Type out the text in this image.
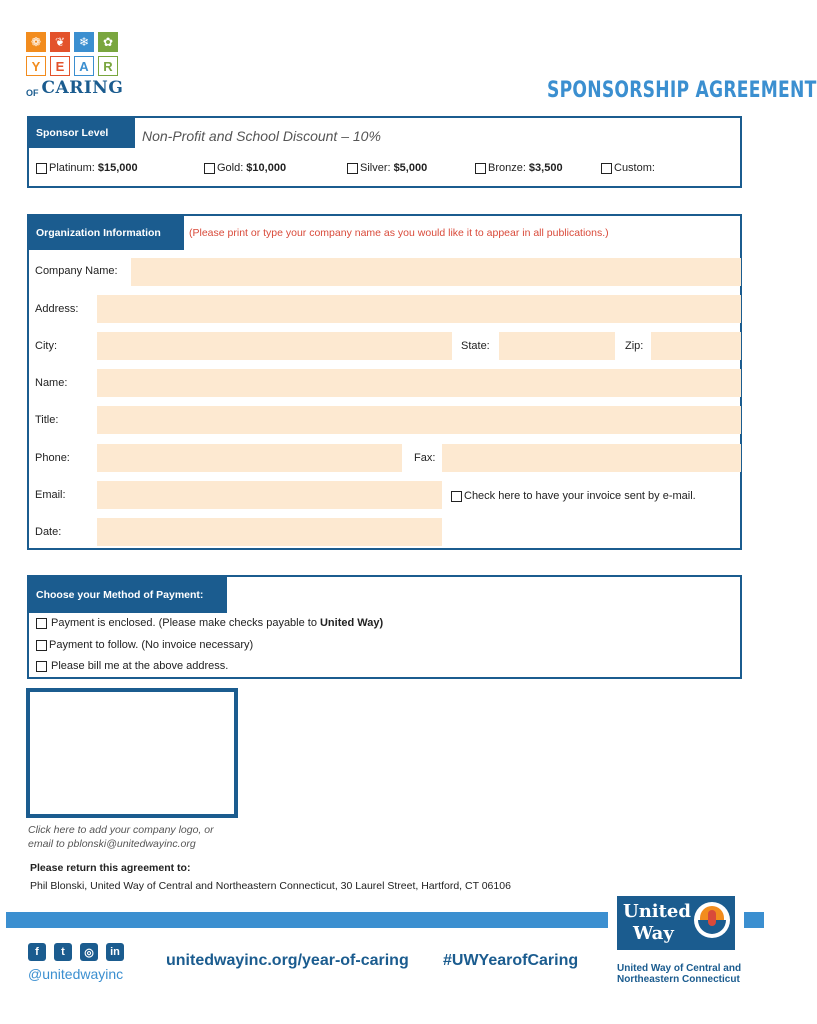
❁	❦	❄	✿
Y	E	A	R
OF CARING	SPONSORSHIP AGREEMENT
Sponsor Level	Non-Profit and School Discount – 10%
Platinum: $15,000	Gold: $10,000	Silver: $5,000	Bronze: $3,500	Custom:
Organization Information	(Please print or type your company name as you would like it to appear in all publications.)
Company Name:
Address:
City:	State:	Zip:
Name:
Title:
Phone:	Fax:
Email:	Check here to have your invoice sent by e-mail.
Date:
Choose your Method of Payment:
Payment is enclosed. (Please make checks payable to United Way)
Payment to follow. (No invoice necessary)
Please bill me at the above address.
Click here to add your company logo, or
email to pblonski@unitedwayinc.org
Please return this agreement to:
Phil Blonski, United Way of Central and Northeastern Connecticut, 30 Laurel Street, Hartford, CT 06106
f	t	◎	in
@unitedwayinc
unitedwayinc.org/year-of-caring #UWYearofCaring
United
Way
United Way of Central and
Northeastern Connecticut
